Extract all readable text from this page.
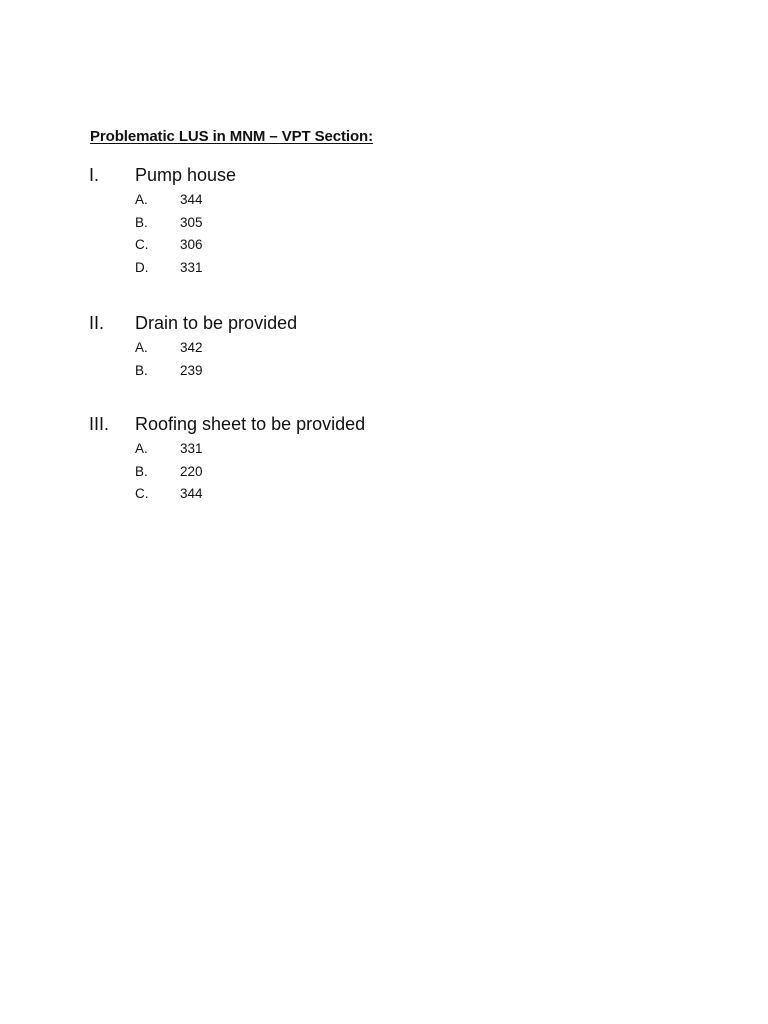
Problematic LUS in MNM – VPT Section:
I. Pump house
A. 344
B. 305
C. 306
D. 331
II. Drain to be provided
A. 342
B. 239
III. Roofing sheet to be provided
A. 331
B. 220
C. 344
